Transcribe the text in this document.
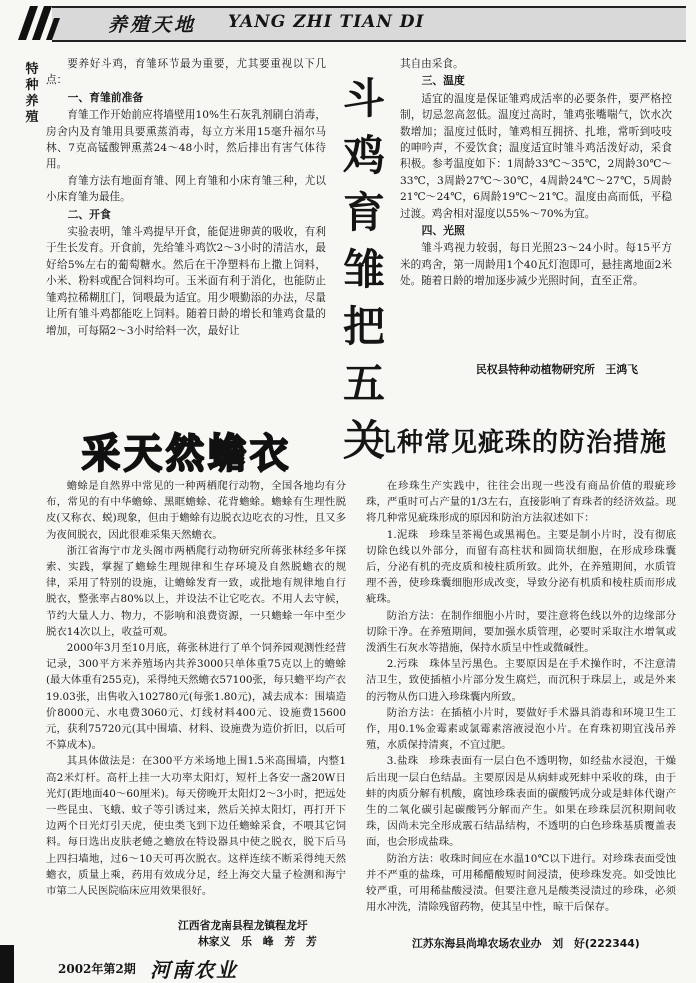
养殖天地 YANG ZHI TIAN DI
特
种
养
殖	斗
鸡
育
雏
把
五
关

要养好斗鸡，育雏环节最为重要，尤其要重视以下几点：

一、育雏前准备

育雏工作开始前应将墙壁用10%生石灰乳剂刷白消毒，房舍内及育雏用具要熏蒸消毒，每立方米用15毫升福尔马林、7克高锰酸钾熏蒸24～48小时，然后排出有害气体待用。

育雏方法有地面育雏、网上育雏和小床育雏三种，尤以小床育雏为最佳。

二、开食

实验表明，雏斗鸡提早开食，能促进卵黄的吸收，有利于生长发育。开食前，先给雏斗鸡饮2～3小时的清洁水，最好给5%左右的葡萄糖水。然后在干净塑料布上撒上饲料，小米、粉料或配合饲料均可。玉米面有利于消化，也能防止雏鸡拉稀糊肛门，饲喂最为适宜。用少喂勤添的办法，尽量让所有雏斗鸡都能吃上饲料。随着日龄的增长和雏鸡食量的增加，可每隔2～3小时给料一次，最好让

其自由采食。

三、温度

适宜的温度是保证雏鸡成活率的必要条件，要严格控制，切忌忽高忽低。温度过高时，雏鸡张嘴喘气，饮水次数增加；温度过低时，雏鸡相互拥挤、扎堆，常听到吱吱的呻吟声，不爱饮食；温度适宜时雏斗鸡活泼好动，采食积极。参考温度如下：1周龄33℃～35℃，2周龄30℃～33℃，3周龄27℃～30℃，4周龄24℃～27℃，5周龄21℃～24℃，6周龄19℃～21℃。温度由高而低，平稳过渡。鸡舍相对湿度以55%～70%为宜。

四、光照

雏斗鸡视力较弱，每日光照23～24小时。每15平方米的鸡舍，第一周龄用1个40瓦灯泡即可，悬挂离地面2米处。随着日龄的增加逐步减少光照时间，直至正常。

民权县特种动植物研究所　王鸿飞
采天然蟾衣

蟾蜍是自然界中常见的一种两栖爬行动物，全国各地均有分布，常见的有中华蟾蜍、黑眶蟾蜍、花背蟾蜍。蟾蜍有生理性脱皮(又称衣、蜕)现象，但由于蟾蜍有边脱衣边吃衣的习性，且又多为夜间脱衣，因此很难采集天然蟾衣。

浙江省海宁市龙头阁市两栖爬行动物研究所蒋张林经多年探索、实践，掌握了蟾蜍生理规律和生存环境及自然脱蟾衣的规律，采用了特别的设施，让蟾蜍发育一致，或批地有规律地自行脱衣，整张率占80%以上，并设法不让它吃衣。不用人去守候，节约大量人力、物力，不影响和浪费资源，一只蟾蜍一年中至少脱衣14次以上，收益可观。

2000年3月至10月底，蒋张林进行了单个饲养园观测性经营记录，300平方米养殖场内共养3000只单体重75克以上的蟾蜍(最大体重有255克)，采得纯天然蟾衣57100张，每只蟾平均产衣19.03张，出售收入102780元(每张1.80元)，减去成本：围墙造价8000元、水电费3060元、灯线材料400元、设施费15600元，获利75720元(其中围墙、材料、设施费为造价折旧，以后可不算成本)。

其具体做法是：在300平方米场地上围1.5米高围墙，内整1高2米灯杆。高杆上挂一大功率太阳灯，短杆上各安一盏20W日光灯(距地面40～60厘米)。每天傍晚开太阳灯2～3小时，把远处一些昆虫、飞蛾、蚊子等引诱过来，然后关掉太阳灯，再打开下边两个日光灯引天虎，使虫类飞到下边任蟾蜍采食，不喂其它饲料。每日选出皮肤老蜷之蟾放在特设器具中使之脱衣，脱下后马上四扫墙地，过6～10天可再次脱衣。这样连续不断采得纯天然蟾衣，质量上乘，药用有效成分足，经上海交大量子检测和海宁市第二人民医院临床应用效果很好。

江西省龙南县程龙镇程龙圩
林家义　乐　峰　芳　芳
几种常见疵珠的防治措施

在珍珠生产实践中，往往会出现一些没有商品价值的瑕疵珍珠，严重时可占产量的1/3左右，直接影响了育珠者的经济效益。现将几种常见疵珠形成的原因和防治方法叙述如下：

1.泥珠　珍珠呈茶褐色或黑褐色。主要是制小片时，没有彻底切除色线以外部分，而留有高柱状和圆筒状细胞，在形成珍珠囊后，分泌有机的壳皮质和棱柱质所致。此外，在养殖期间，水质管理不善，使珍珠囊细胞形成改变，导致分泌有机质和棱柱质而形成疵珠。

防治方法：在制作细胞小片时，要注意将色线以外的边缘部分切除干净。在养殖期间，要加强水质管理，必要时采取注水增氧或泼洒生石灰水等措施，保持水质呈中性或微碱性。

2.污珠　珠体呈污黑色。主要原因是在手术操作时，不注意清洁卫生，致使插植小片部分发生腐烂，而沉积于珠层上，或是外来的污物从伤口进入珍珠囊内所致。

防治方法：在插植小片时，要做好手术器具消毒和环境卫生工作，用0.1%金霉素或氯霉素溶液浸泡小片。在育珠初期宜浅吊养殖，水质保持清爽，不宜过肥。

3.盐珠　珍珠表面有一层白色不透明物，如经盐水浸泡，干燥后出现一层白色结晶。主要原因是从病蚌或死蚌中采收的珠，由于蚌的肉质分解有机酸，腐蚀珍珠表面的碳酸钙成分或是蚌体代谢产生的二氧化碳引起碳酸钙分解而产生。如果在珍珠层沉积期间收珠，因尚未完全形成霰石结晶结构，不透明的白色珍珠基质覆盖表面，也会形成盐珠。

防治方法：收珠时间应在水温10℃以下进行。对珍珠表面受蚀并不严重的盐珠，可用稀醋酸短时间浸渍，使珍珠发亮。如受蚀比较严重，可用稀盐酸浸渍。但要注意凡是酸类浸渍过的珍珠，必须用水冲洗，清除残留药物，使其呈中性，晾干后保存。

江苏东海县尚埠农场农业办　刘　好(222344)
2002年第2期 河南农业
